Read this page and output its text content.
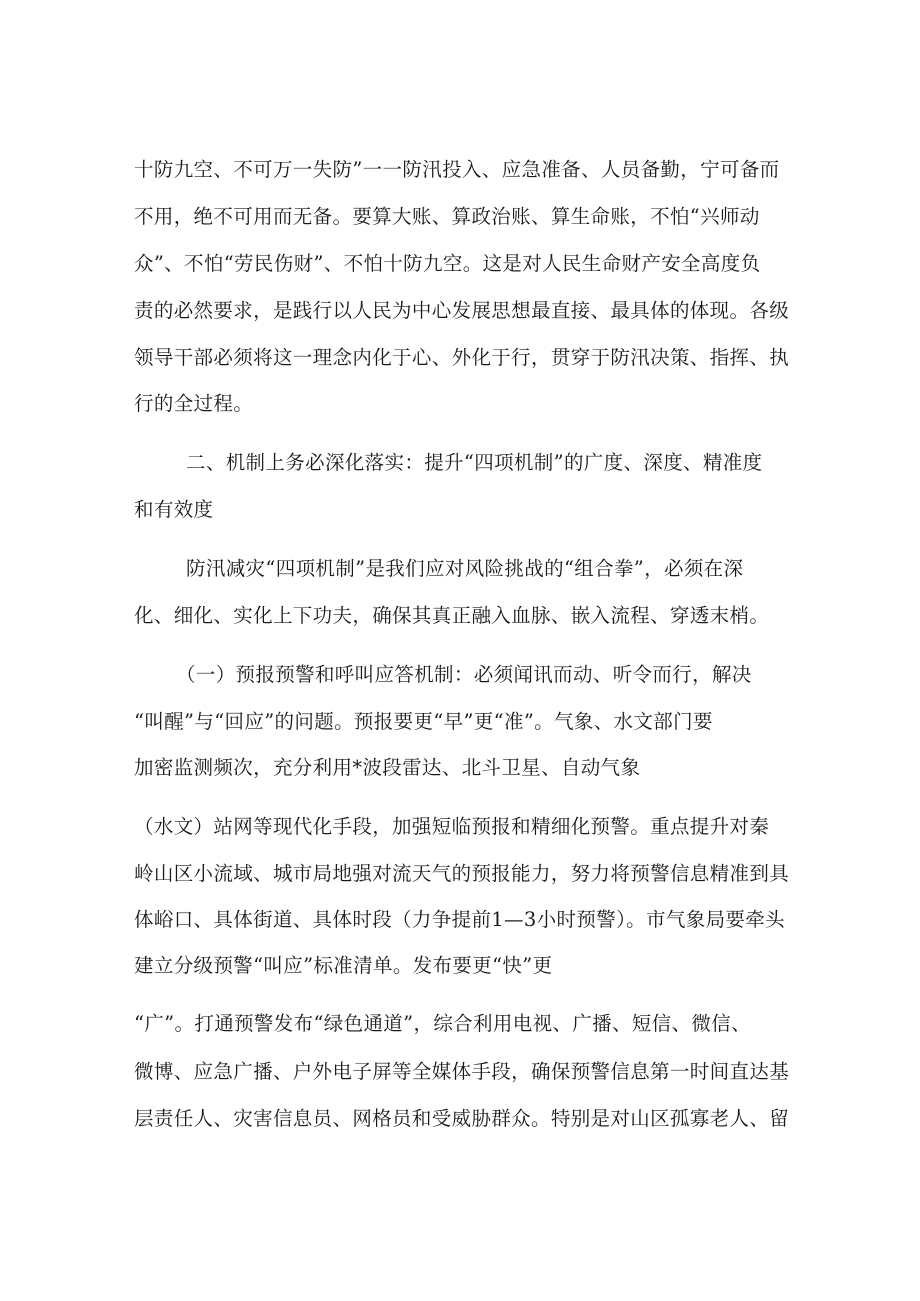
十防九空、不可万一失防”一一防汛投入、应急准备、人员备勤，宁可备而
不用，绝不可用而无备。要算大账、算政治账、算生命账，不怕“兴师动
众”、不怕“劳民伤财”、不怕十防九空。这是对人民生命财产安全高度负
责的必然要求，是践行以人民为中心发展思想最直接、最具体的体现。各级
领导干部必须将这一理念内化于心、外化于行，贯穿于防汛决策、指挥、执
行的全过程。
二、机制上务必深化落实：提升“四项机制”的广度、深度、精准度
和有效度
防汛减灾“四项机制”是我们应对风险挑战的“组合拳”，必须在深
化、细化、实化上下功夫，确保其真正融入血脉、嵌入流程、穿透末梢。
（一）预报预警和呼叫应答机制：必须闻讯而动、听令而行，解决
“叫醒”与“回应”的问题。预报要更“早”更“准”。气象、水文部门要
加密监测频次，充分利用*波段雷达、北斗卫星、自动气象
（水文）站网等现代化手段，加强短临预报和精细化预警。重点提升对秦
岭山区小流域、城市局地强对流天气的预报能力，努力将预警信息精准到具
体峪口、具体街道、具体时段（力争提前1—3小时预警）。市气象局要牵头
建立分级预警“叫应”标准清单。发布要更“快”更
“广”。打通预警发布“绿色通道”，综合利用电视、广播、短信、微信、
微博、应急广播、户外电子屏等全媒体手段，确保预警信息第一时间直达基
层责任人、灾害信息员、网格员和受威胁群众。特别是对山区孤寡老人、留
